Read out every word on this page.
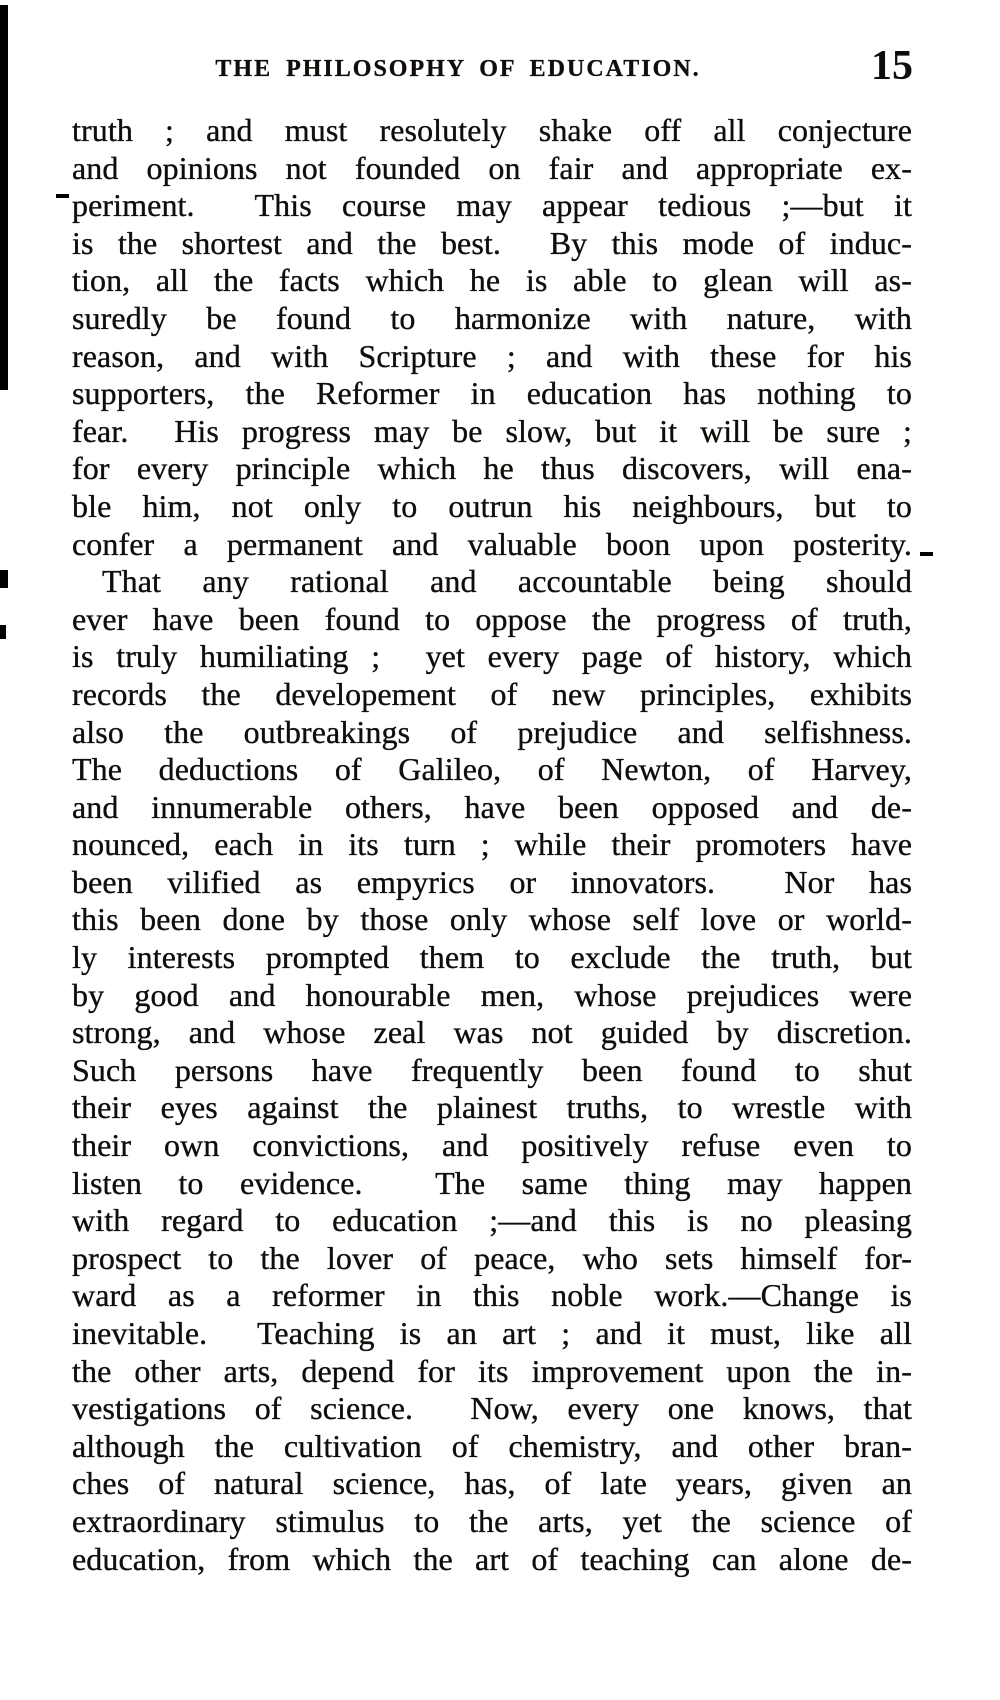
THE PHILOSOPHY OF EDUCATION.	15
truth ; and must resolutely shake off all conjecture
and opinions not founded on fair and appropriate ex-
periment.  This course may appear tedious ;—but it
is the shortest and the best.  By this mode of induc-
tion, all the facts which he is able to glean will as-
suredly be found to harmonize with nature, with
reason, and with Scripture ; and with these for his
supporters, the Reformer in education has nothing to
fear.  His progress may be slow, but it will be sure ;
for every principle which he thus discovers, will ena-
ble him, not only to outrun his neighbours, but to
confer a permanent and valuable boon upon posterity.
That any rational and accountable being should
ever have been found to oppose the progress of truth,
is truly humiliating ;  yet every page of history, which
records the developement of new principles, exhibits
also the outbreakings of prejudice and selfishness.
The deductions of Galileo, of Newton, of Harvey,
and innumerable others, have been opposed and de-
nounced, each in its turn ; while their promoters have
been vilified as empyrics or innovators.  Nor has
this been done by those only whose self love or world-
ly interests prompted them to exclude the truth, but
by good and honourable men, whose prejudices were
strong, and whose zeal was not guided by discretion.
Such persons have frequently been found to shut
their eyes against the plainest truths, to wrestle with
their own convictions, and positively refuse even to
listen to evidence.  The same thing may happen
with regard to education ;—and this is no pleasing
prospect to the lover of peace, who sets himself for-
ward as a reformer in this noble work.—Change is
inevitable.  Teaching is an art ; and it must, like all
the other arts, depend for its improvement upon the in-
vestigations of science.  Now, every one knows, that
although the cultivation of chemistry, and other bran-
ches of natural science, has, of late years, given an
extraordinary stimulus to the arts, yet the science of
education, from which the art of teaching can alone de-
